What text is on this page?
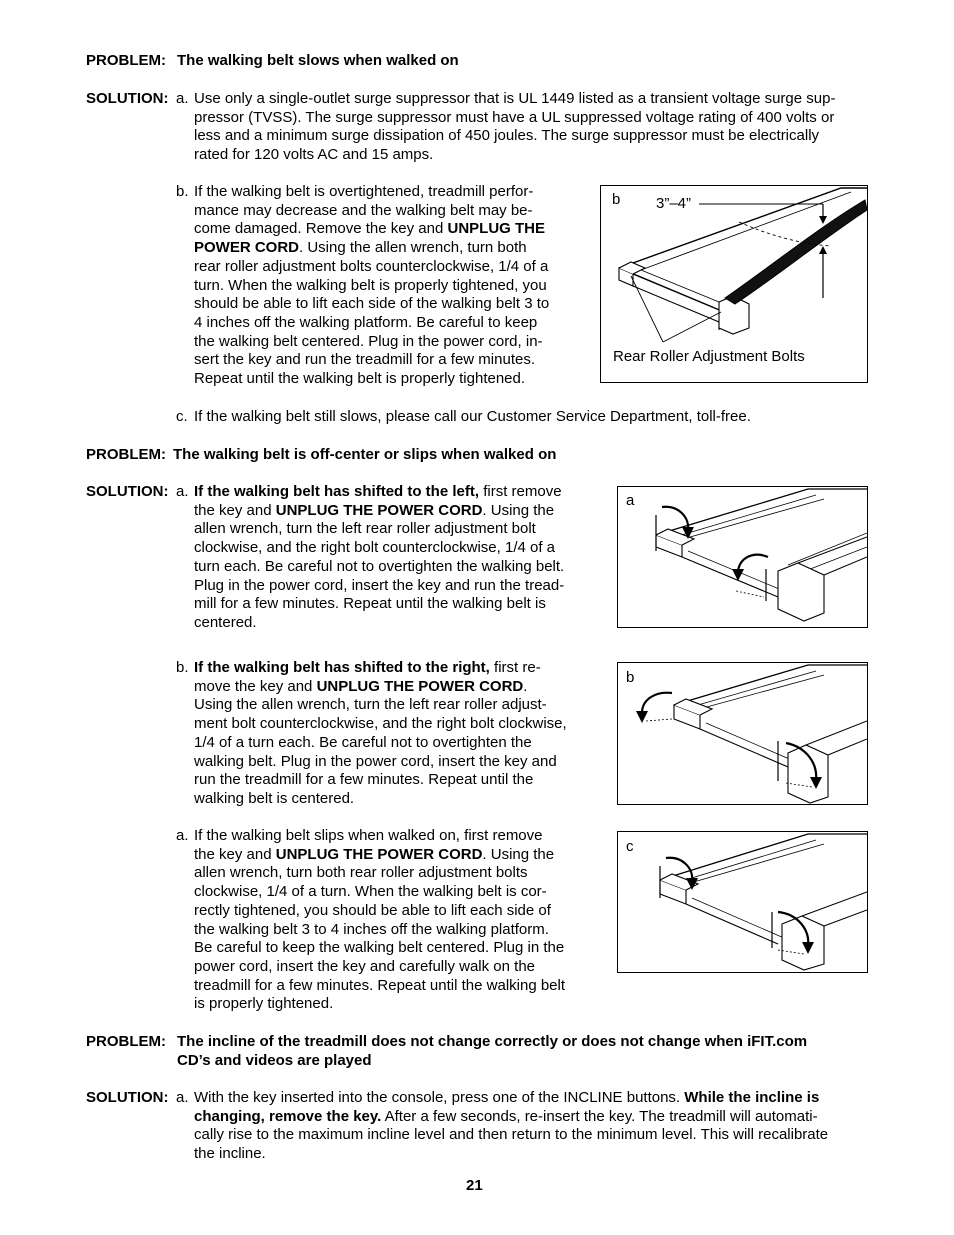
PROBLEM: The walking belt slows when walked on
SOLUTION: a. Use only a single-outlet surge suppressor that is UL 1449 listed as a transient voltage surge sup-
pressor (TVSS). The surge suppressor must have a UL suppressed voltage rating of 400 volts or
less and a minimum surge dissipation of 450 joules. The surge suppressor must be electrically
rated for 120 volts AC and 15 amps.
b. If the walking belt is overtightened, treadmill perfor-
mance may decrease and the walking belt may be-
come damaged. Remove the key and UNPLUG THE
POWER CORD. Using the allen wrench, turn both
rear roller adjustment bolts counterclockwise, 1/4 of a
turn. When the walking belt is properly tightened, you
should be able to lift each side of the walking belt 3 to
4 inches off the walking platform. Be careful to keep
the walking belt centered. Plug in the power cord, in-
sert the key and run the treadmill for a few minutes.
Repeat until the walking belt is properly tightened.
b 3”–4”
Rear Roller Adjustment Bolts
c. If the walking belt still slows, please call our Customer Service Department, toll-free.
PROBLEM: The walking belt is off-center or slips when walked on
SOLUTION: a. If the walking belt has shifted to the left, first remove
the key and UNPLUG THE POWER CORD. Using the
allen wrench, turn the left rear roller adjustment bolt
clockwise, and the right bolt counterclockwise, 1/4 of a
turn each. Be careful not to overtighten the walking belt.
Plug in the power cord, insert the key and run the tread-
mill for a few minutes. Repeat until the walking belt is
centered.
a
b. If the walking belt has shifted to the right, first re-
move the key and UNPLUG THE POWER CORD.
Using the allen wrench, turn the left rear roller adjust-
ment bolt counterclockwise, and the right bolt clockwise,
1/4 of a turn each. Be careful not to overtighten the
walking belt. Plug in the power cord, insert the key and
run the treadmill for a few minutes. Repeat until the
walking belt is centered.
b
a. If the walking belt slips when walked on, first remove
the key and UNPLUG THE POWER CORD. Using the
allen wrench, turn both rear roller adjustment bolts
clockwise, 1/4 of a turn. When the walking belt is cor-
rectly tightened, you should be able to lift each side of
the walking belt 3 to 4 inches off the walking platform.
Be careful to keep the walking belt centered. Plug in the
power cord, insert the key and carefully walk on the
treadmill for a few minutes. Repeat until the walking belt
is properly tightened.
c
PROBLEM: The incline of the treadmill does not change correctly or does not change when iFIT.com
CD’s and videos are played
SOLUTION: a. With the key inserted into the console, press one of the INCLINE buttons. While the incline is
changing, remove the key. After a few seconds, re-insert the key. The treadmill will automati-
cally rise to the maximum incline level and then return to the minimum level. This will recalibrate
the incline.
21
